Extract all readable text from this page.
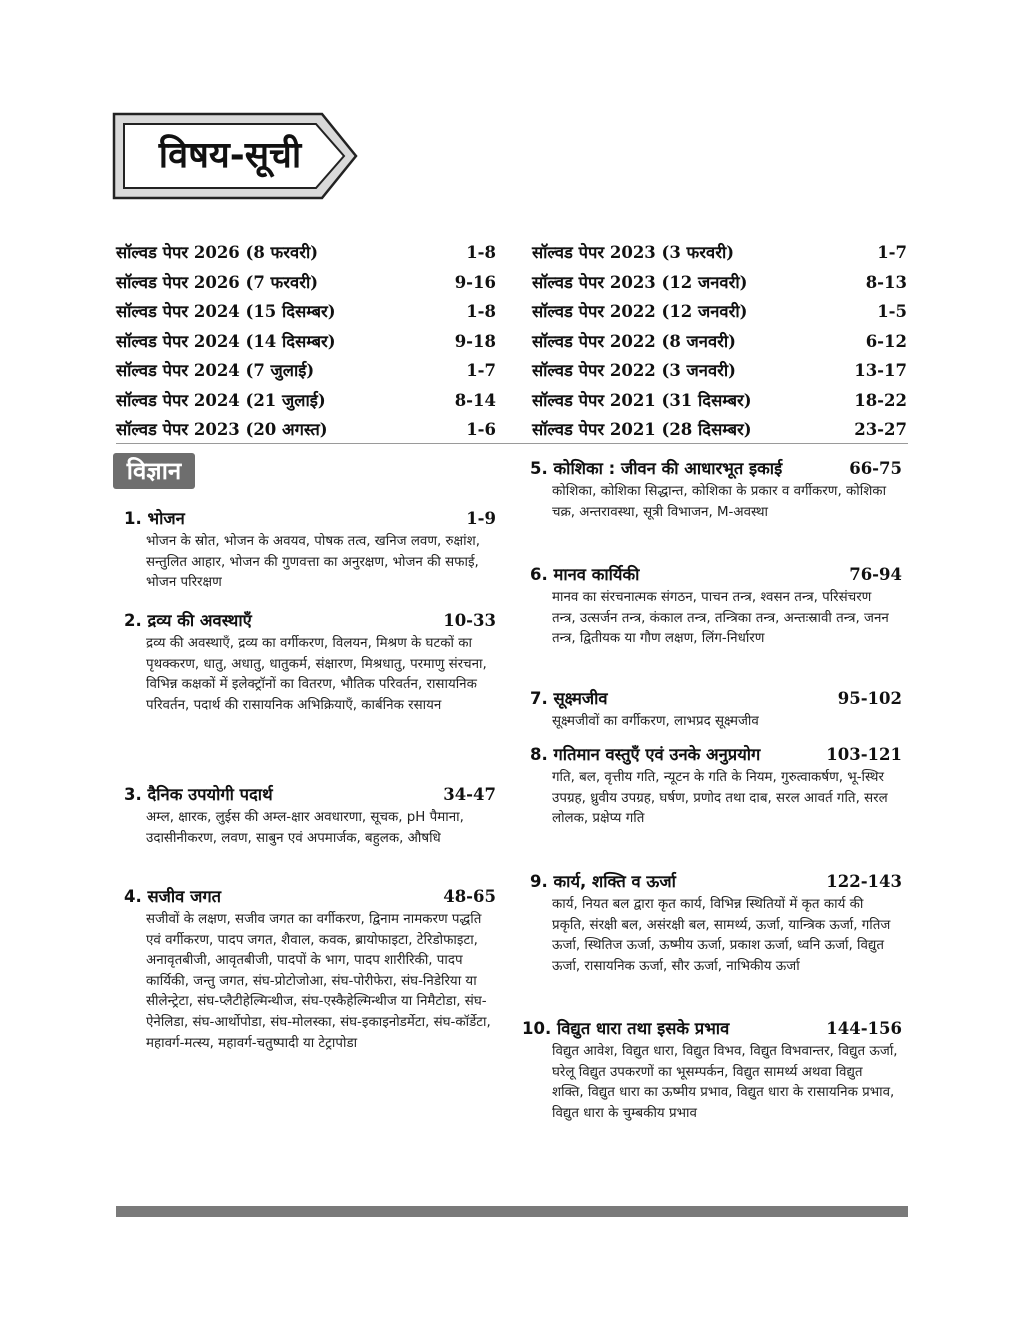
विषय-सूची
सॉल्वड पेपर 2026 (8 फरवरी)	1-8
सॉल्वड पेपर 2026 (7 फरवरी)	9-16
सॉल्वड पेपर 2024 (15 दिसम्बर)	1-8
सॉल्वड पेपर 2024 (14 दिसम्बर)	9-18
सॉल्वड पेपर 2024 (7 जुलाई)	1-7
सॉल्वड पेपर 2024 (21 जुलाई)	8-14
सॉल्वड पेपर 2023 (20 अगस्त)	1-6
सॉल्वड पेपर 2023 (3 फरवरी)	1-7
सॉल्वड पेपर 2023 (12 जनवरी)	8-13
सॉल्वड पेपर 2022 (12 जनवरी)	1-5
सॉल्वड पेपर 2022 (8 जनवरी)	6-12
सॉल्वड पेपर 2022 (3 जनवरी)	13-17
सॉल्वड पेपर 2021 (31 दिसम्बर)	18-22
सॉल्वड पेपर 2021 (28 दिसम्बर)	23-27
विज्ञान
1. भोजन	1-9
भोजन के स्रोत, भोजन के अवयव, पोषक तत्व, खनिज लवण, रुक्षांश, सन्तुलित आहार, भोजन की गुणवत्ता का अनुरक्षण, भोजन की सफाई, भोजन परिरक्षण
2. द्रव्य की अवस्थाएँ	10-33
द्रव्य की अवस्थाएँ, द्रव्य का वर्गीकरण, विलयन, मिश्रण के घटकों का पृथक्करण, धातु, अधातु, धातुकर्म, संक्षारण, मिश्रधातु, परमाणु संरचना, विभिन्न कक्षकों में इलेक्ट्रॉनों का वितरण, भौतिक परिवर्तन, रासायनिक परिवर्तन, पदार्थ की रासायनिक अभिक्रियाएँ, कार्बनिक रसायन
3. दैनिक उपयोगी पदार्थ	34-47
अम्ल, क्षारक, लुईस की अम्ल-क्षार अवधारणा, सूचक, pH पैमाना, उदासीनीकरण, लवण, साबुन एवं अपमार्जक, बहुलक, औषधि
4. सजीव जगत	48-65
सजीवों के लक्षण, सजीव जगत का वर्गीकरण, द्विनाम नामकरण पद्धति एवं वर्गीकरण, पादप जगत, शैवाल, कवक, ब्रायोफाइटा, टेरिडोफाइटा, अनावृतबीजी, आवृतबीजी, पादपों के भाग, पादप शारीरिकी, पादप कार्यिकी, जन्तु जगत, संघ-प्रोटोजोआ, संघ-पोरीफेरा, संघ-निडेरिया या सीलेन्ट्रेटा, संघ-प्लैटीहेल्मिन्थीज, संघ-एस्कैहेल्मिन्थीज या निमैटोडा, संघ-ऐनेलिडा, संघ-आर्थोपोडा, संघ-मोलस्का, संघ-इकाइनोडर्मेटा, संघ-कॉर्डेटा, महावर्ग-मत्स्य, महावर्ग-चतुष्पादी या टेट्रापोडा
5. कोशिका : जीवन की आधारभूत इकाई	66-75
कोशिका, कोशिका सिद्धान्त, कोशिका के प्रकार व वर्गीकरण, कोशिका चक्र, अन्तरावस्था, सूत्री विभाजन, M-अवस्था
6. मानव कार्यिकी	76-94
मानव का संरचनात्मक संगठन, पाचन तन्त्र, श्वसन तन्त्र, परिसंचरण तन्त्र, उत्सर्जन तन्त्र, कंकाल तन्त्र, तन्त्रिका तन्त्र, अन्तःस्रावी तन्त्र, जनन तन्त्र, द्वितीयक या गौण लक्षण, लिंग-निर्धारण
7. सूक्ष्मजीव	95-102
सूक्ष्मजीवों का वर्गीकरण, लाभप्रद सूक्ष्मजीव
8. गतिमान वस्तुएँ एवं उनके अनुप्रयोग	103-121
गति, बल, वृत्तीय गति, न्यूटन के गति के नियम, गुरुत्वाकर्षण, भू-स्थिर उपग्रह, ध्रुवीय उपग्रह, घर्षण, प्रणोद तथा दाब, सरल आवर्त गति, सरल लोलक, प्रक्षेप्य गति
9. कार्य, शक्ति व ऊर्जा	122-143
कार्य, नियत बल द्वारा कृत कार्य, विभिन्न स्थितियों में कृत कार्य की प्रकृति, संरक्षी बल, असंरक्षी बल, सामर्थ्य, ऊर्जा, यान्त्रिक ऊर्जा, गतिज ऊर्जा, स्थितिज ऊर्जा, ऊष्मीय ऊर्जा, प्रकाश ऊर्जा, ध्वनि ऊर्जा, विद्युत ऊर्जा, रासायनिक ऊर्जा, सौर ऊर्जा, नाभिकीय ऊर्जा
10. विद्युत धारा तथा इसके प्रभाव	144-156
विद्युत आवेश, विद्युत धारा, विद्युत विभव, विद्युत विभवान्तर, विद्युत ऊर्जा, घरेलू विद्युत उपकरणों का भूसम्पर्कन, विद्युत सामर्थ्य अथवा विद्युत शक्ति, विद्युत धारा का ऊष्मीय प्रभाव, विद्युत धारा के रासायनिक प्रभाव, विद्युत धारा के चुम्बकीय प्रभाव
